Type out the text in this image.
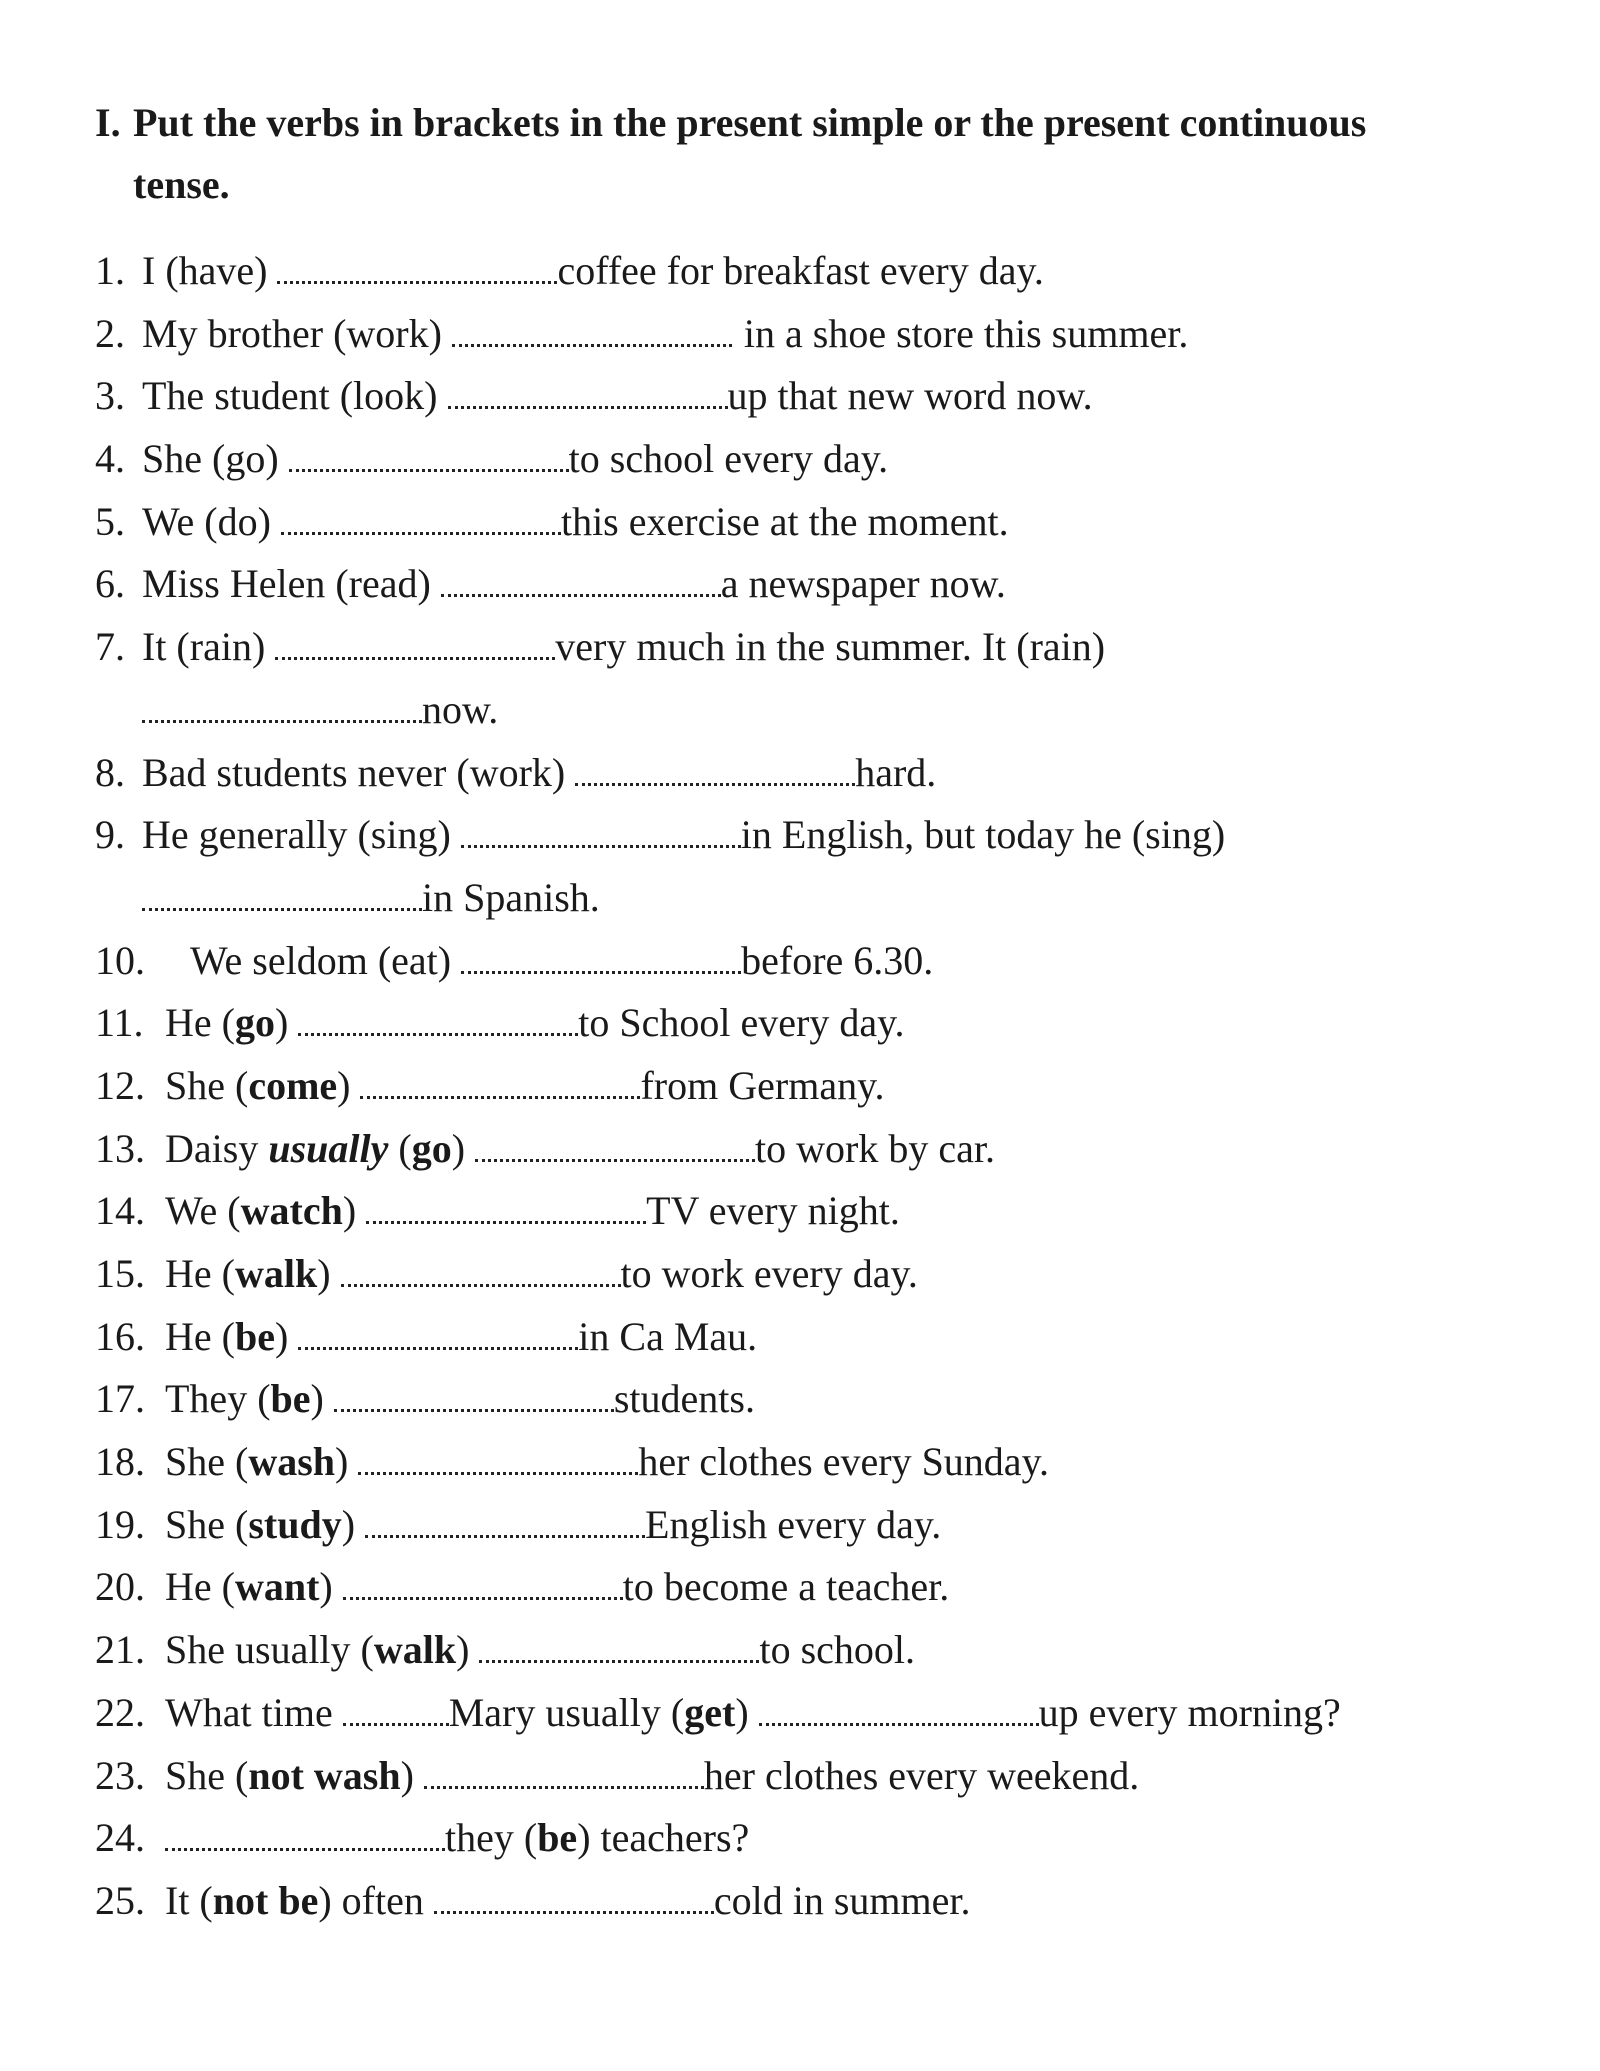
I. Put the verbs in brackets in the present simple or the present continuous
tense.
1. I (have)	coffee for breakfast every day.
2. My brother (work)	in a shoe store this summer.
3. The student (look)	up that new word now.
4. She (go)	to school every day.
5. We (do)	this exercise at the moment.
6. Miss Helen (read)	a newspaper now.
7. It (rain)	very much in the summer. It (rain)
now.
8. Bad students never (work)	hard.
9. He generally (sing)	in English, but today he (sing)
in Spanish.
10. We seldom (eat)	before 6.30.
11. He (go)	to School every day.
12. She (come)	from Germany.
13. Daisy usually (go)	to work by car.
14. We (watch)	TV every night.
15. He (walk)	to work every day.
16. He (be)	in Ca Mau.
17. They (be)	students.
18. She (wash)	her clothes every Sunday.
19. She (study)	English every day.
20. He (want)	to become a teacher.
21. She usually (walk)	to school.
22. What time	Mary usually (get)	up every morning?
23. She (not wash)	her clothes every weekend.
24.	they (be) teachers?
25. It (not be) often	cold in summer.
